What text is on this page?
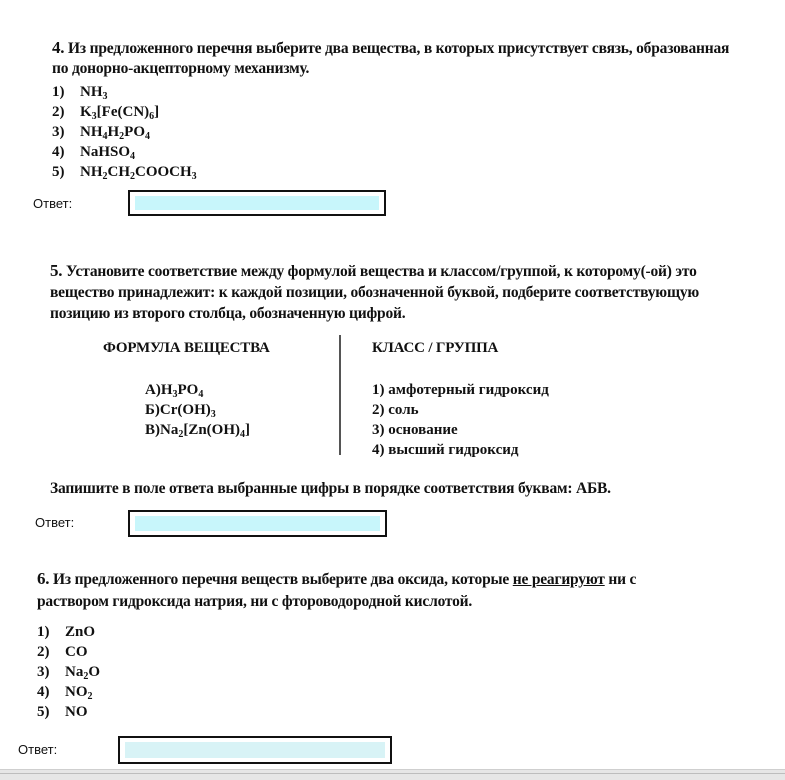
4. Из предложенного перечня выберите два вещества, в которых присутствует связь, образованная
по донорно-акцепторному механизму.
1) $NH_3$
2) $K_3[Fe(CN)_6]$
3) $NH_4H_2PO_4$
4) NaHSO$_4$
5) $NH_2CH_2COOCH_3$
Ответ:
5. Установите соответствие между формулой вещества и классом/группой, к которому(-ой) это
вещество принадлежит: к каждой позиции, обозначенной буквой, подберите соответствующую
позицию из второго столбца, обозначенную цифрой.
ФОРМУЛА ВЕЩЕСТВА	КЛАСС / ГРУППА
$А)H_3PO_4$
$Б)Cr(OH)_3$
$В)Na_2[Zn(OH)_4]$
1) амфотерный гидроксид
2) соль
3) основание
4) высший гидроксид
Запишите в поле ответа выбранные цифры в порядке соответствия буквам: АБВ.
Ответ:
6. Из предложенного перечня веществ выберите два оксида, которые не реагируют ни с
раствором гидроксида натрия, ни с фтороводородной кислотой.
1) ZnO
2) CO
3) $Na_2O$
4) $NO_2$
5) NO
Ответ:
